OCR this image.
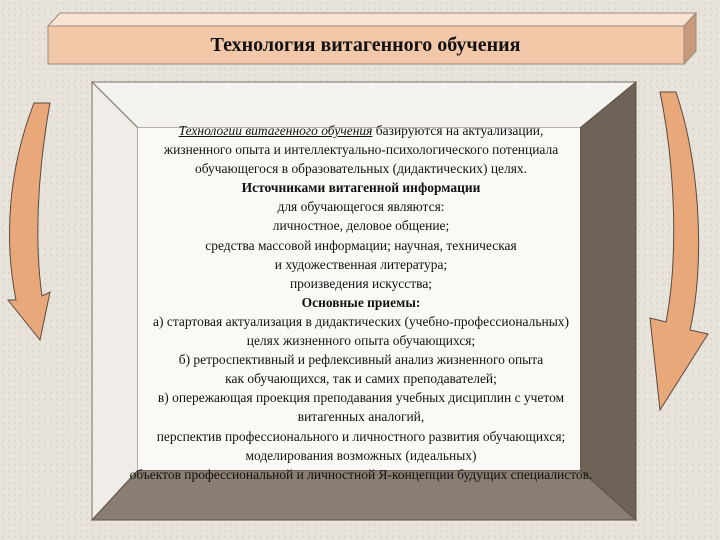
Технология витагенного обучения
Технологии витагенного обучения базируются на актуализации,
жизненного опыта и интеллектуально-психологического потенциала
обучающегося в образовательных (дидактических) целях.
Источниками витагенной информации
для обучающегося являются:
личностное, деловое общение;
средства массовой информации; научная, техническая
и художественная литература;
произведения искусства;
Основные приемы:
а) стартовая актуализация в дидактических (учебно-профессиональных)
целях жизненного опыта обучающихся;
б) ретроспективный и рефлексивный анализ жизненного опыта
как обучающихся, так и самих преподавателей;
в) опережающая проекция преподавания учебных дисциплин с учетом
витагенных аналогий,
перспектив профессионального и личностного развития обучающихся;
моделирования возможных (идеальных)
объектов профессиональной и личностной Я-концепции будущих специалистов.
